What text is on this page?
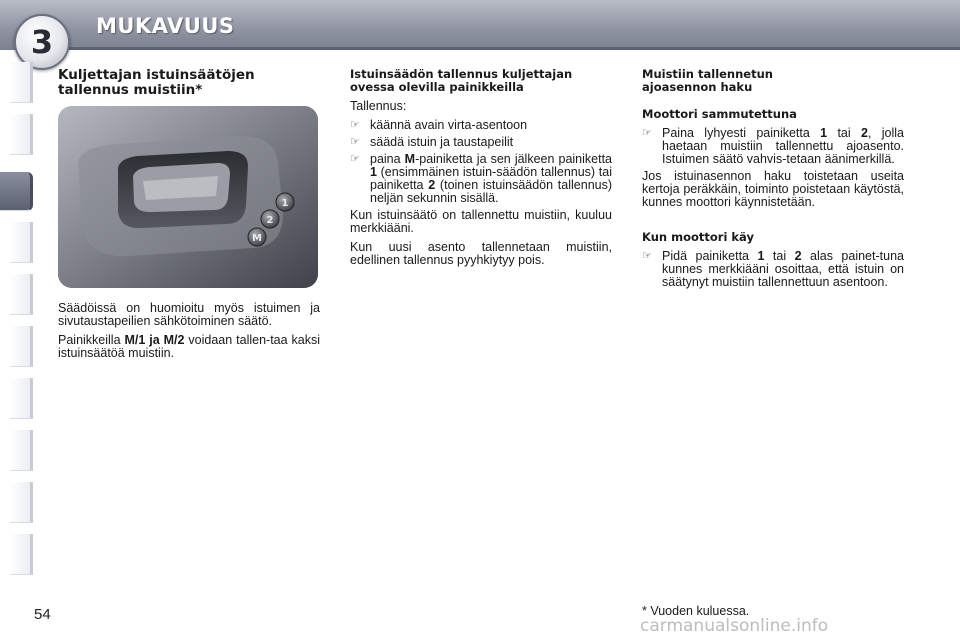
3 MUKAVUUS
Kuljettajan istuinsäätöjen
tallennus muistiin*
1
2
M

Säädöissä on huomioitu myös istuimen ja sivutaustapeilien sähkötoiminen säätö.

Painikkeilla M/1 ja M/2 voidaan tallen-taa kaksi istuinsäätöä muistiin.

Istuinsäädön tallennus kuljettajan
ovessa olevilla painikkeilla

Tallennus:

☞ käännä avain virta-asentoon
☞ säädä istuin ja taustapeilit
☞ paina M-painiketta ja sen jälkeen painiketta 1 (ensimmäinen istuin-säädön tallennus) tai painiketta 2 (toinen istuinsäädön tallennus) neljän sekunnin sisällä.

Kun istuinsäätö on tallennettu muistiin, kuuluu merkkiääni.

Kun uusi asento tallennetaan muistiin, edellinen tallennus pyyhkiytyy pois.

Muistiin tallennetun
ajoasennon haku
Moottori sammutettuna
☞ Paina lyhyesti painiketta 1 tai 2, jolla haetaan muistiin tallennettu ajoasento. Istuimen säätö vahvis-tetaan äänimerkillä.

Jos istuinasennon haku toistetaan useita kertoja peräkkäin, toiminto poistetaan käytöstä, kunnes moottori käynnistetään.

Kun moottori käy
☞ Pidä painiketta 1 tai 2 alas painet-tuna kunnes merkkiääni osoittaa, että istuin on säätynyt muistiin tallennettuun asentoon.
* Vuoden kuluessa.
54
carmanualsonline.info
